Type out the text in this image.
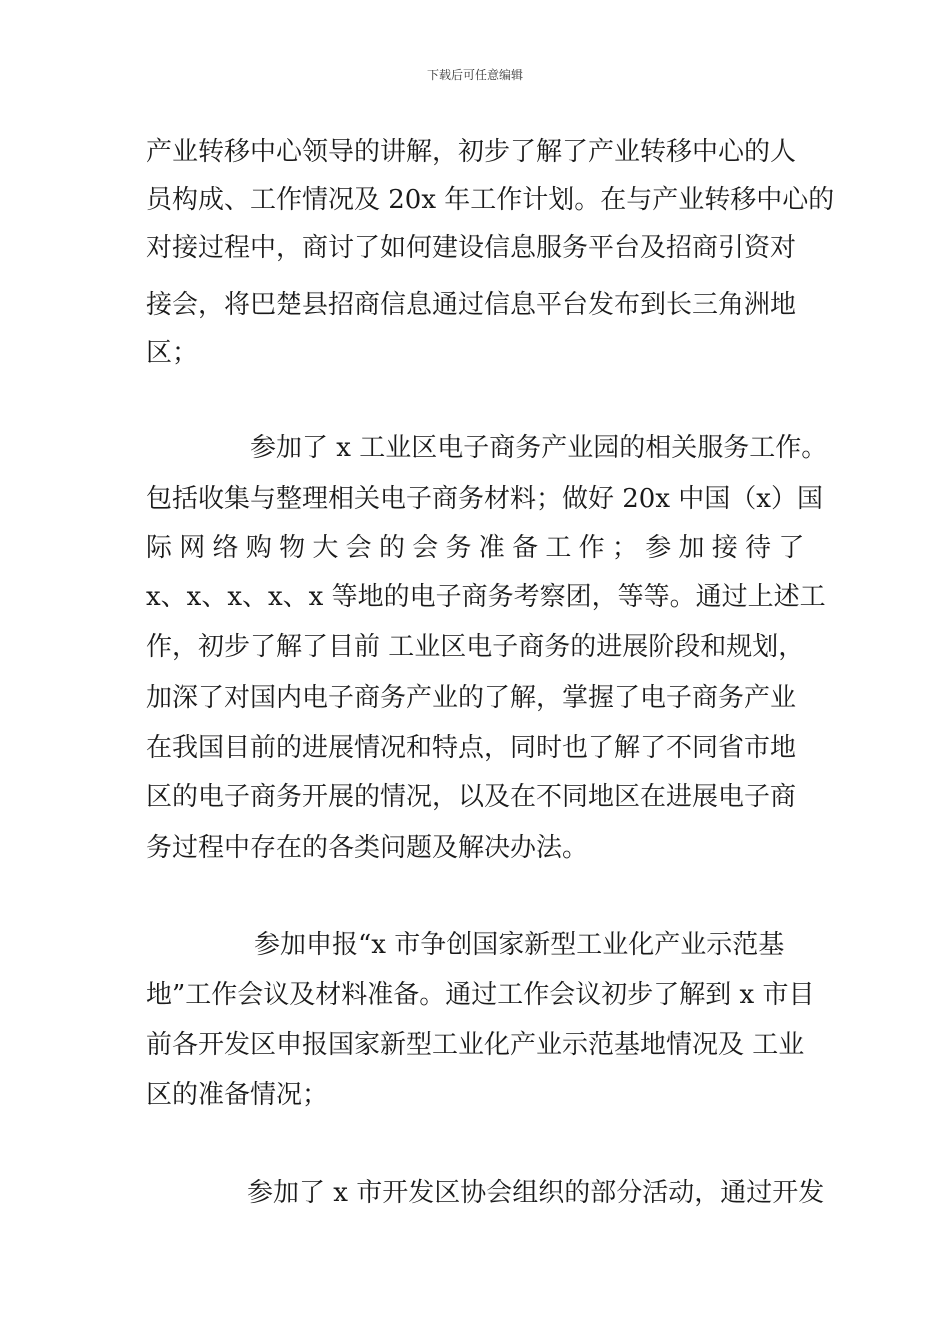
下载后可任意编辑
产业转移中心领导的讲解，初步了解了产业转移中心的人
员构成、工作情况及 20x 年工作计划。在与产业转移中心的
对接过程中，商讨了如何建设信息服务平台及招商引资对
接会，将巴楚县招商信息通过信息平台发布到长三角洲地
区；
参加了 x 工业区电子商务产业园的相关服务工作。
包括收集与整理相关电子商务材料；做好 20x 中国（x）国
际网络购物大会的会务准备工作；参加接待了
x、x、x、x、x 等地的电子商务考察团，等等。通过上述工
作，初步了解了目前 工业区电子商务的进展阶段和规划，
加深了对国内电子商务产业的了解，掌握了电子商务产业
在我国目前的进展情况和特点，同时也了解了不同省市地
区的电子商务开展的情况，以及在不同地区在进展电子商
务过程中存在的各类问题及解决办法。
参加申报“x 市争创国家新型工业化产业示范基
地”工作会议及材料准备。通过工作会议初步了解到 x 市目
前各开发区申报国家新型工业化产业示范基地情况及 工业
区的准备情况；
参加了 x 市开发区协会组织的部分活动，通过开发
